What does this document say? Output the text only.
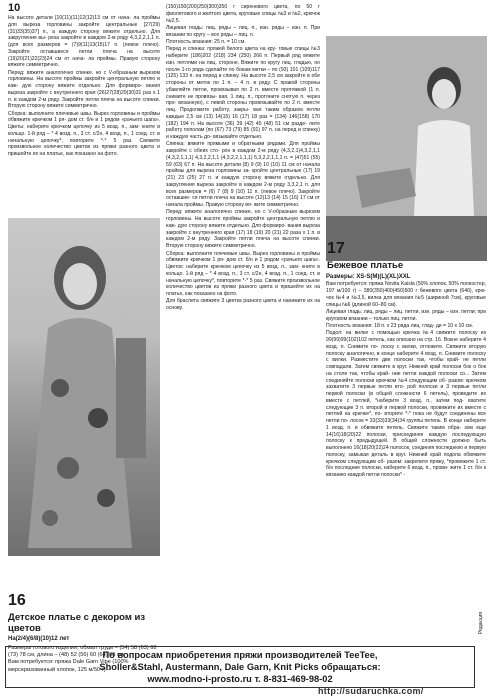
10

На высоте детали [10(11)(11)12(12)13 см от нача- ла проймы для выреза горловины закройте центральные [27(29)(31)33(35)37] п., а каждую сторону вяжите отдельно. Для закругления вы- реза закройте в каждом 2-м ряду 4,3,2,2,1,1 п. (для всех размеров = (7)9(11)13(15)17 п. (левое плечо). Закройте оставшиеся петли плеча на высоте (19)20(21)22(23)24 см от нача- ла проймы. Правую сторону вяжите симметрично.

Перед: вяжите аналогично спинке, но с V-образным вырезом горловины. На высоте проймы закройте центральную петлю и каж- дую сторону вяжите отдельно. Для формиро- вания выреза закройте с внутреннего края (26)27(28)29(30)31 раз x 1 п. в каждом 2-м ряду. Закройте петли плеча на высоте спинки. Вторую сторону вяжите симметрично.

Сборка: выполните плечевые швы. Вырез горловины и проймы обвяжите крючком 1 ря- дом ст. б/н и 1 рядом «рачьего шага». Цветы: наберите крючком цепочку из 5 возд. п., зам- кните в кольцо. 1-й ряд – * 4 возд. п., 3 ст. с/2н, 4 возд. п., 1 соед. ст. в начальную цепочку*, повторите *-* 5 раз. Свяжите произвольное количество цветов из пряжи разного цвета и пришейте их на платье, как показано на фото.

16
Детское платье с декором из цветов
На(2/4)(6/8)(10)12 лет
Размеры готового изделия: обхват груди – (54) 58 (63) 68 (73) 78 см, длина – (48) 52 (56) 60 (64) 68 см.
Вам потребуется: пряжа Dale Garn Vipe (100% мерсеризованный хлопок, 125 м/50 г) –

(150)150(200)250(300)350 г сиреневого цвета, по 50 г фиолетового и желтого цвета, круговые спицы №3 и №2, крючок №2,5.

Лицевая гладь: лиц. ряды – лиц. п., изн. ряды – изн. п. При вязании по кругу – все ряды – лиц. п.

Плотность вязания: 25 п. = 10 см.

Перед и спинка: пряжей белого цвета на кру- говые спицы №3 наберите (186)202 (218) 234 (250) 266 п. Первый ряд вяжите изн. петлями на лиц. стороне. Вяжите по кругу лиц. гладью, но после 1-го ряда сделайте по бокам метки – по (93) 101 (109)117 (125) 133 п. на перед и спинку. На высоте 2,5 см закройте в обе стороны от меток по 1 п. – 4 п. в ряду. С правой стороны убавляйте петли, провязывая по 2 п. вместе протяжкой (1 п. снимите не провязы- вая, 1 лиц. п., протяните снятую п. через про- вязанную), с левой стороны провязывайте по 2 п. вместе лиц. Продолжите работу, закры- вая таким образом петли каждые 2,5 см (13) 14(15) 16 (17) 18 раз = (134) 146(158) 170 (182) 194 п. На высоте (36) 39 (42) 45 (48) 51 см разде- лите работу пополам (по (67) 73 (79) 85 (91) 97 п. на перед и спинку) и каждую часть до- вязывайте отдельно.

Спинка: вяжите прямыми и обратными рядами. Для проймы закройте с обеих сто- рон в каждом 2-м ряду (4,3,2,1)4,3,2,1,1 (4,3,2,1,1,1) 4,3,2,2,1,1 (4,3,2,2,1,1,1) 5,3,2,2,1,1,1 п. = (47)51 (55) 59 (63) 67 п. На высоте детали (8) 9 (9) 10 (10) 11 см от начала проймы для выреза горловины за- кройте центральные (17) 19 (21) 23 (25) 27 п. и каждую сторону вяжите отдельно. Для закругления выреза закройте в каждом 2-м ряду 3,3,2,1 п. для всех размеров = (6) 7 (8) 9 (10) 11 п. (левое плечо). Закройте оставшие- ся петли плеча на высоте (12)13 (14) 15 (16) 17 см от начала проймы. Правую сторону вя- жите симметрично.

Перед: вяжите аналогично спинке, но с V-образным вырезом горловины. На высоте проймы закройте центральную петлю и каж- дую сторону вяжите отдельно. Для формиро- вания выреза закройте с внутреннего края (17) 18 (19) 20 (21) 22 раза x 1 п. в каждом 2-м ряду. Закройте петли плеча на высоте спинки. Вторую сторону вяжите симметрично.

Сборка: выполните плечевые швы. Вырез горловины и проймы обвяжите крючком 1 ря- дом ст. б/н и 1 рядом «рачьего шага». Цветок: наберите крючком цепочку из 5 возд. п., зам- кните в кольцо. 1-й ряд – * 4 возд. п., 3 ст. с/2н, 4 возд. п., 1 соед. ст. в начальную цепочку*, повторите *-* 5 раз. Свяжите произвольное количество цветов из пряжи разного цвета и пришейте их на платье, как показано на фото.

Для браслета свяжите 3 цветка разного цвета и нанижите их на основу.

17
Бежевое платье

Размеры: XS-S(M)(L)(XL)XXL

Вам потребуется: пряжа Novita Kaisla (50% хлопок, 50% полиэстер, 197 м/100 г) – 380(350)400(450)500 г бежевого цвета (646), крю- чок №4 и №3,5, вилка для вязания №5 (шириной 7см), круговые спицы №6 (длиной 60–80 см).

Лицевая гладь: лиц. ряды – лиц. петли, изн. ряды – изн. петли; при круговом вязании – только лиц. петли.

Плотность вязания: 18 п. x 23 ряда лиц. глад- ди = 10 x 10 см.

Подол: на вилке с помощью крючка №4 свяжите полоску из 99(99)99(102)102 петель, как описано на стр. 16. Вокне наберите 4 возд. п. Снимите по- лоску с вилки, отложите. Свяжите вторую полоску аналогично, в конце наберите 4 возд. п. Снимите полоску с вилки. Разместите две полоски так, чтобы край- не петли совпадали. Затем свяжите в круг. Нижний край полоски бок о бок на столе так, чтобы край- ние петли каждой полоски со... Затем соединяйте полоски крючком №4 следующим об- разом: крючком захватите 3 первые петли вто- рой полоски и 3 первые петли первой полоски (в общей сложности 6 петель), проведите их вместе с петлей, *наберите 3 возд. п., затем под- хватите следующие 3 п. второй и первой полоски, провяжите их вместе с петлей на крючке*, по- вторите *-* пока не будут соединены все петли по- лосок = 33(33)33(34)34 группы петель. В конце наберите 1 возд. п. и обвяжите петель. Свяжите таким обра- зом еще 14(16)18(20)22 полоски, присоединяя каждую последующую полоску к предыдущей. В общей сложности должно быть выполнено 16(18)20(22)24 полосок, соединяя последнюю и первую полоску, замыкая деталь в круг. Нижний край подола обвяжите крючком следующим об- разом: закрепите пряжу, *провяжите 1 ст. б/н последние полоски, наберите 6 возд. п., прови- жите 1 ст. б/н к вязанию каждой петли полоски* -

По вопросам приобретения пряжи производителей TeeTee,
Sholler&Stahl, Austermann, Dale Garn, Knit Picks обращаться:
www.modno-i-prosto.ru т. 8-831-469-98-02
Редакция
http://sudaruchka.com/
